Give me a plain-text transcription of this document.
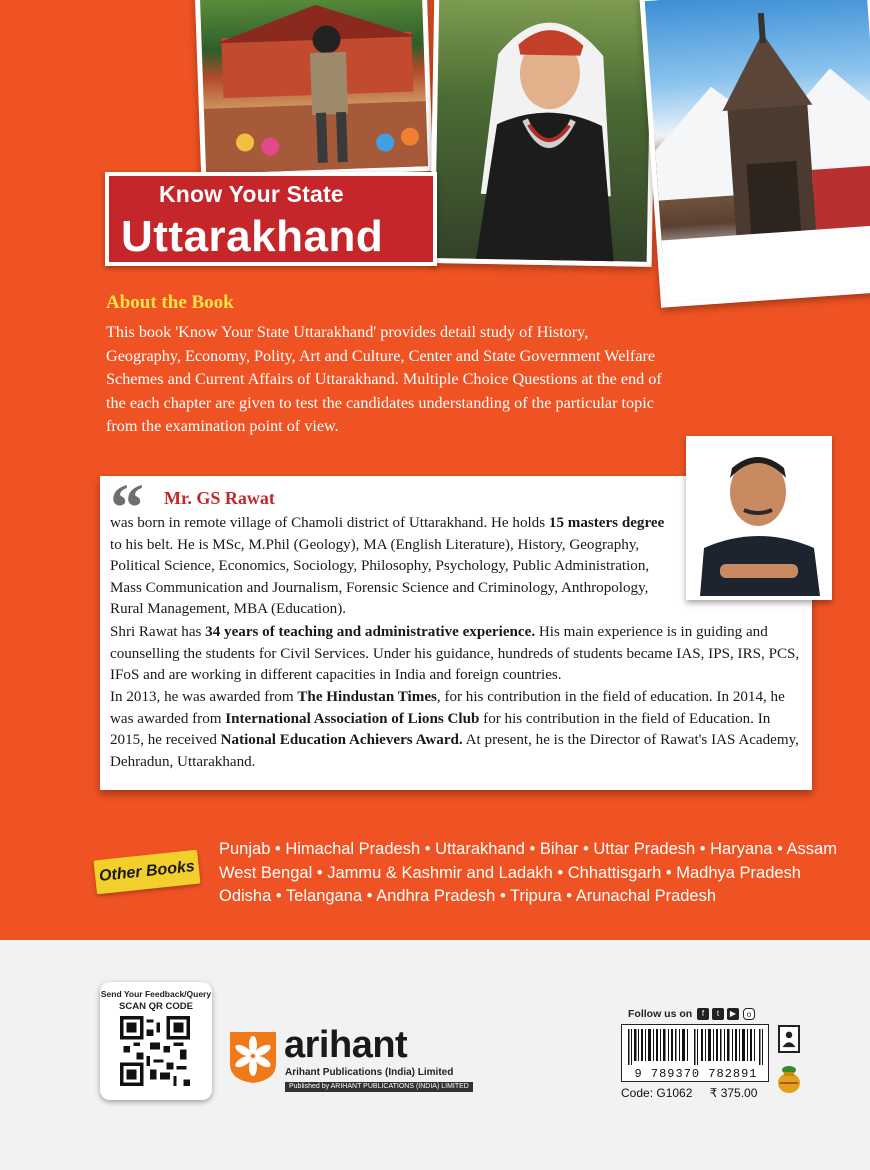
Know Your State
Uttarakhand
About the Book
This book 'Know Your State Uttarakhand' provides detail study of History, Geography, Economy, Polity, Art and Culture, Center and State Government Welfare Schemes and Current Affairs of Uttarakhand. Multiple Choice Questions at the end of the each chapter are given to test the candidates understanding of the particular topic from the examination point of view.
“ Mr. GS Rawat

was born in remote village of Chamoli district of Uttarakhand. He holds 15 masters degree to his belt. He is MSc, M.Phil (Geology), MA (English Literature), History, Geography, Political Science, Economics, Sociology, Philosophy, Psychology, Public Administration, Mass Communication and Journalism, Forensic Science and Criminology, Anthropology, Rural Management, MBA (Education).

Shri Rawat has 34 years of teaching and administrative experience. His main experience is in guiding and counselling the students for Civil Services. Under his guidance, hundreds of students became IAS, IPS, IRS, PCS, IFoS and are working in different capacities in India and foreign countries.

In 2013, he was awarded from The Hindustan Times, for his contribution in the field of education. In 2014, he was awarded from International Association of Lions Club for his contribution in the field of Education. In 2015, he received National Education Achievers Award. At present, he is the Director of Rawat's IAS Academy, Dehradun, Uttarakhand.

Other Books
Punjab • Himachal Pradesh • Uttarakhand • Bihar • Uttar Pradesh • Haryana • Assam
West Bengal • Jammu & Kashmir and Ladakh • Chhattisgarh • Madhya Pradesh
Odisha • Telangana • Andhra Pradesh • Tripura • Arunachal Pradesh
Send Your Feedback/Query
SCAN QR CODE
arihant
Arihant Publications (India) Limited
Published by ARIHANT PUBLICATIONS (INDIA) LIMITED
Follow us on	f	t	▶	o
9 789370 782891
Code: G1062 ₹ 375.00
